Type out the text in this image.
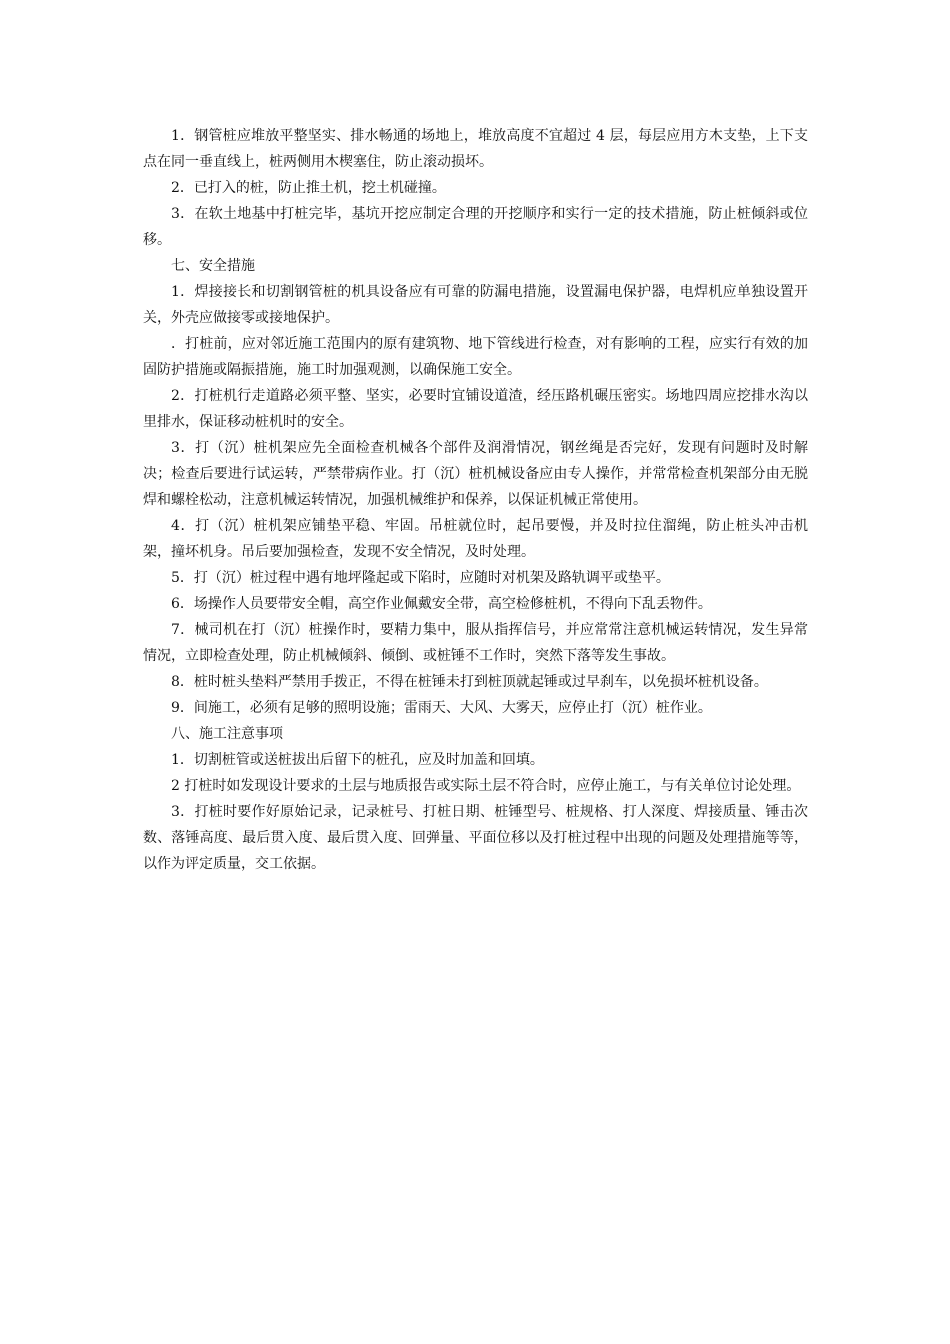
1．钢管桩应堆放平整坚实、排水畅通的场地上，堆放高度不宜超过 4 层，每层应用方木支垫，上下支点在同一垂直线上，桩两侧用木楔塞住，防止滚动损坏。

2．已打入的桩，防止推土机，挖土机碰撞。

3．在软土地基中打桩完毕，基坑开挖应制定合理的开挖顺序和实行一定的技术措施，防止桩倾斜或位移。

七、安全措施

1．焊接接长和切割钢管桩的机具设备应有可靠的防漏电措施，设置漏电保护器，电焊机应单独设置开关，外壳应做接零或接地保护。

．打桩前，应对邻近施工范围内的原有建筑物、地下管线进行检查，对有影响的工程，应实行有效的加固防护措施或隔振措施，施工时加强观测，以确保施工安全。

2．打桩机行走道路必须平整、坚实，必要时宜铺设道渣，经压路机碾压密实。场地四周应挖排水沟以里排水，保证移动桩机时的安全。

3．打（沉）桩机架应先全面检查机械各个部件及润滑情况，钢丝绳是否完好，发现有问题时及时解决；检查后要进行试运转，严禁带病作业。打（沉）桩机械设备应由专人操作，并常常检查机架部分由无脱焊和螺栓松动，注意机械运转情况，加强机械维护和保养，以保证机械正常使用。

4．打（沉）桩机架应铺垫平稳、牢固。吊桩就位时，起吊要慢，并及时拉住溜绳，防止桩头冲击机架，撞坏机身。吊后要加强检查，发现不安全情况，及时处理。

5．打（沉）桩过程中遇有地坪隆起或下陷时，应随时对机架及路轨调平或垫平。

6．场操作人员要带安全帽，高空作业佩戴安全带，高空检修桩机，不得向下乱丢物件。

7．械司机在打（沉）桩操作时，要精力集中，服从指挥信号，并应常常注意机械运转情况，发生异常情况，立即检查处理，防止机械倾斜、倾倒、或桩锤不工作时，突然下落等发生事故。

8．桩时桩头垫料严禁用手拨正，不得在桩锤未打到桩顶就起锤或过早刹车，以免损坏桩机设备。

9．间施工，必须有足够的照明设施；雷雨天、大风、大雾天，应停止打（沉）桩作业。

八、施工注意事项

1．切割桩管或送桩拔出后留下的桩孔，应及时加盖和回填。

2 打桩时如发现设计要求的土层与地质报告或实际土层不符合时，应停止施工，与有关单位讨论处理。

3．打桩时要作好原始记录，记录桩号、打桩日期、桩锤型号、桩规格、打人深度、焊接质量、锤击次数、落锤高度、最后贯入度、最后贯入度、回弹量、平面位移以及打桩过程中出现的问题及处理措施等等，以作为评定质量，交工依据。
